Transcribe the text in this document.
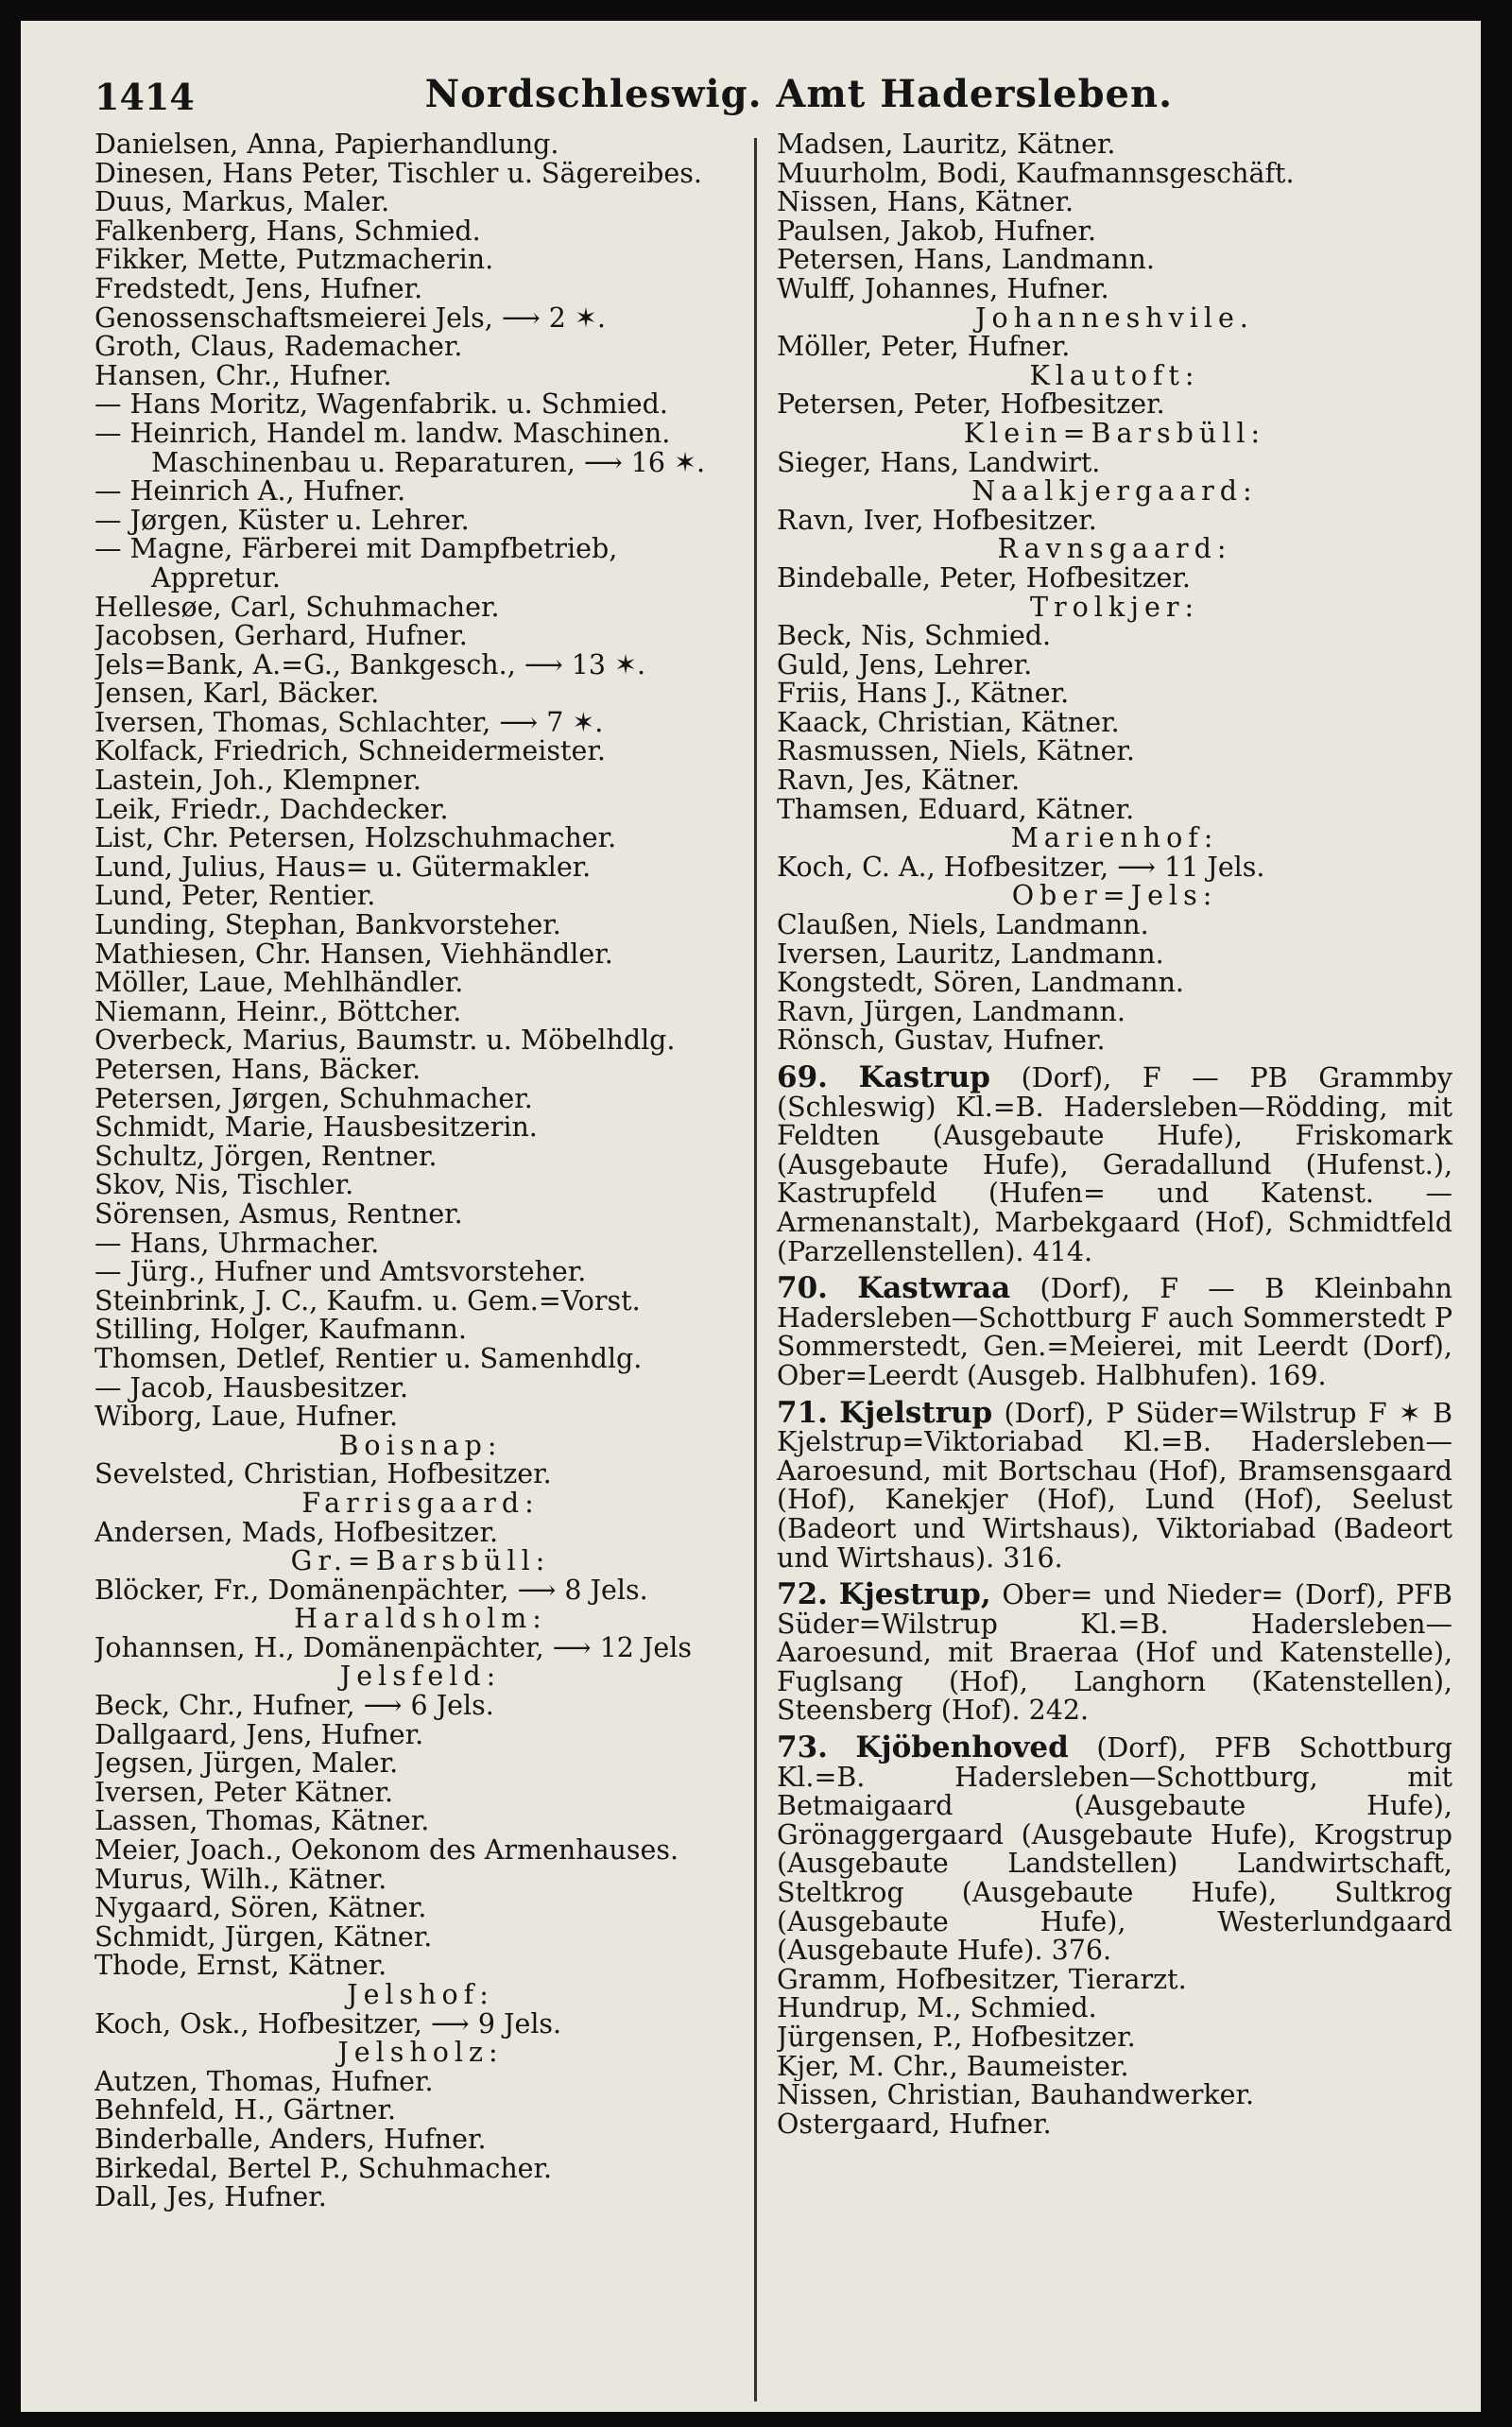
1414	Nordschleswig. Amt Hadersleben.
Danielsen, Anna, Papierhandlung.
Dinesen, Hans Peter, Tischler u. Sägereibes.
Duus, Markus, Maler.
Falkenberg, Hans, Schmied.
Fikker, Mette, Putzmacherin.
Fredstedt, Jens, Hufner.
Genossenschaftsmeierei Jels, ⟶ 2 ✶.
Groth, Claus, Rademacher.
Hansen, Chr., Hufner.
— Hans Moritz, Wagenfabrik. u. Schmied.
— Heinrich, Handel m. landw. Maschinen.
Maschinenbau u. Reparaturen, ⟶ 16 ✶.
— Heinrich A., Hufner.
— Jørgen, Küster u. Lehrer.
— Magne, Färberei mit Dampfbetrieb,
Appretur.
Hellesøe, Carl, Schuhmacher.
Jacobsen, Gerhard, Hufner.
Jels=Bank, A.=G., Bankgesch., ⟶ 13 ✶.
Jensen, Karl, Bäcker.
Iversen, Thomas, Schlachter, ⟶ 7 ✶.
Kolfack, Friedrich, Schneidermeister.
Lastein, Joh., Klempner.
Leik, Friedr., Dachdecker.
List, Chr. Petersen, Holzschuhmacher.
Lund, Julius, Haus= u. Gütermakler.
Lund, Peter, Rentier.
Lunding, Stephan, Bankvorsteher.
Mathiesen, Chr. Hansen, Viehhändler.
Möller, Laue, Mehlhändler.
Niemann, Heinr., Böttcher.
Overbeck, Marius, Baumstr. u. Möbelhdlg.
Petersen, Hans, Bäcker.
Petersen, Jørgen, Schuhmacher.
Schmidt, Marie, Hausbesitzerin.
Schultz, Jörgen, Rentner.
Skov, Nis, Tischler.
Sörensen, Asmus, Rentner.
— Hans, Uhrmacher.
— Jürg., Hufner und Amtsvorsteher.
Steinbrink, J. C., Kaufm. u. Gem.=Vorst.
Stilling, Holger, Kaufmann.
Thomsen, Detlef, Rentier u. Samenhdlg.
— Jacob, Hausbesitzer.
Wiborg, Laue, Hufner.
Boisnap:
Sevelsted, Christian, Hofbesitzer.
Farrisgaard:
Andersen, Mads, Hofbesitzer.
Gr.=Barsbüll:
Blöcker, Fr., Domänenpächter, ⟶ 8 Jels.
Haraldsholm:
Johannsen, H., Domänenpächter, ⟶ 12 Jels
Jelsfeld:
Beck, Chr., Hufner, ⟶ 6 Jels.
Dallgaard, Jens, Hufner.
Jegsen, Jürgen, Maler.
Iversen, Peter Kätner.
Lassen, Thomas, Kätner.
Meier, Joach., Oekonom des Armenhauses.
Murus, Wilh., Kätner.
Nygaard, Sören, Kätner.
Schmidt, Jürgen, Kätner.
Thode, Ernst, Kätner.
Jelshof:
Koch, Osk., Hofbesitzer, ⟶ 9 Jels.
Jelsholz:
Autzen, Thomas, Hufner.
Behnfeld, H., Gärtner.
Binderballe, Anders, Hufner.
Birkedal, Bertel P., Schuhmacher.
Dall, Jes, Hufner.
Madsen, Lauritz, Kätner.
Muurholm, Bodi, Kaufmannsgeschäft.
Nissen, Hans, Kätner.
Paulsen, Jakob, Hufner.
Petersen, Hans, Landmann.
Wulff, Johannes, Hufner.
Johanneshvile.
Möller, Peter, Hufner.
Klautoft:
Petersen, Peter, Hofbesitzer.
Klein=Barsbüll:
Sieger, Hans, Landwirt.
Naalkjergaard:
Ravn, Iver, Hofbesitzer.
Ravnsgaard:
Bindeballe, Peter, Hofbesitzer.
Trolkjer:
Beck, Nis, Schmied.
Guld, Jens, Lehrer.
Friis, Hans J., Kätner.
Kaack, Christian, Kätner.
Rasmussen, Niels, Kätner.
Ravn, Jes, Kätner.
Thamsen, Eduard, Kätner.
Marienhof:
Koch, C. A., Hofbesitzer, ⟶ 11 Jels.
Ober=Jels:
Claußen, Niels, Landmann.
Iversen, Lauritz, Landmann.
Kongstedt, Sören, Landmann.
Ravn, Jürgen, Landmann.
Rönsch, Gustav, Hufner.
69. Kastrup (Dorf), F — PB Grammby (Schleswig) Kl.=B. Hadersleben—Rödding, mit Feldten (Ausgebaute Hufe), Friskomark (Ausgebaute Hufe), Geradallund (Hufenst.), Kastrupfeld (Hufen= und Katenst. — Armenanstalt), Marbekgaard (Hof), Schmidtfeld (Parzellenstellen). 414.
70. Kastwraa (Dorf), F — B Kleinbahn Hadersleben—Schottburg F auch Sommerstedt P Sommerstedt, Gen.=Meierei, mit Leerdt (Dorf), Ober=Leerdt (Ausgeb. Halbhufen). 169.
71. Kjelstrup (Dorf), P Süder=Wilstrup F ✶ B Kjelstrup=Viktoriabad Kl.=B. Hadersleben—Aaroesund, mit Bortschau (Hof), Bramsensgaard (Hof), Kanekjer (Hof), Lund (Hof), Seelust (Badeort und Wirtshaus), Viktoriabad (Badeort und Wirtshaus). 316.
72. Kjestrup, Ober= und Nieder= (Dorf), PFB Süder=Wilstrup Kl.=B. Hadersleben—Aaroesund, mit Braeraa (Hof und Katenstelle), Fuglsang (Hof), Langhorn (Katenstellen), Steensberg (Hof). 242.
73. Kjöbenhoved (Dorf), PFB Schottburg Kl.=B. Hadersleben—Schottburg, mit Betmaigaard (Ausgebaute Hufe), Grönaggergaard (Ausgebaute Hufe), Krogstrup (Ausgebaute Landstellen) Landwirtschaft, Steltkrog (Ausgebaute Hufe), Sultkrog (Ausgebaute Hufe), Westerlundgaard (Ausgebaute Hufe). 376.
Gramm, Hofbesitzer, Tierarzt.
Hundrup, M., Schmied.
Jürgensen, P., Hofbesitzer.
Kjer, M. Chr., Baumeister.
Nissen, Christian, Bauhandwerker.
Ostergaard, Hufner.
